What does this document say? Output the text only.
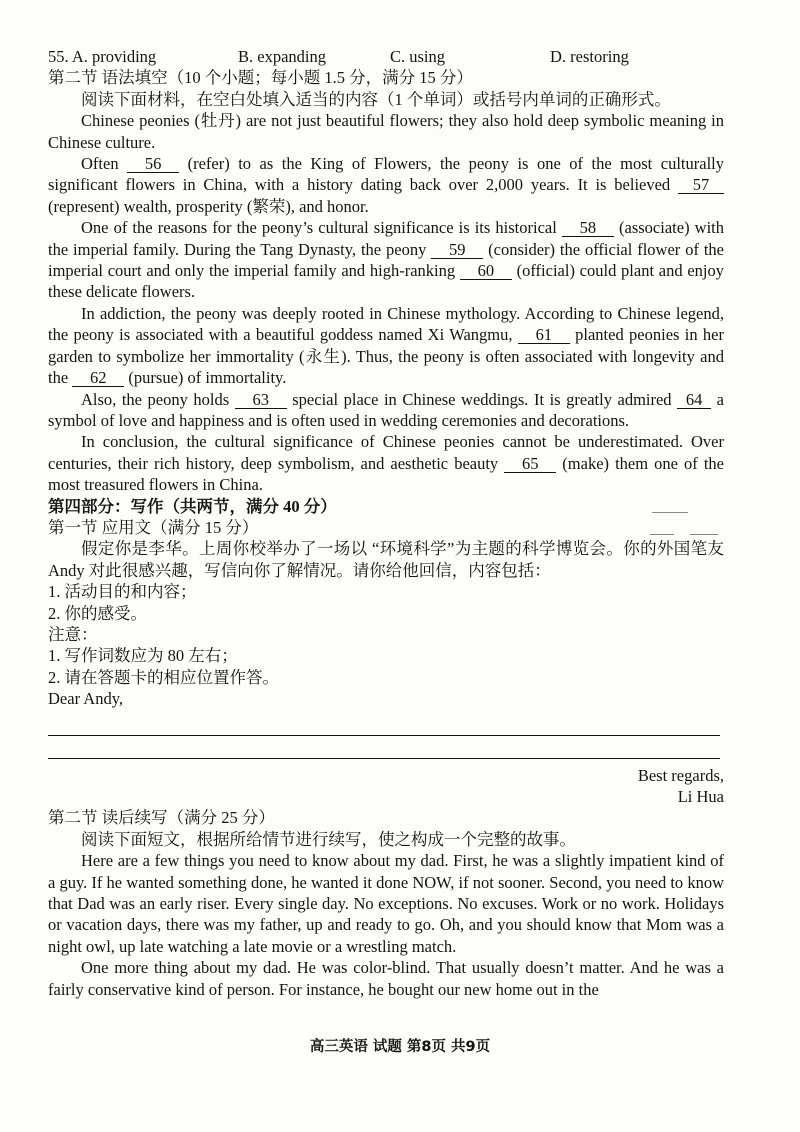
55. A. providing	B. expanding	C. using	D. restoring

第二节 语法填空（10 个小题；每小题 1.5 分，满分 15 分）

阅读下面材料，在空白处填入适当的内容（1 个单词）或括号内单词的正确形式。

Chinese peonies (牡丹) are not just beautiful flowers; they also hold deep symbolic meaning in Chinese culture.

Often 56 (refer) to as the King of Flowers, the peony is one of the most culturally significant flowers in China, with a history dating back over 2,000 years. It is believed 57 (represent) wealth, prosperity (繁荣), and honor.

One of the reasons for the peony’s cultural significance is its historical 58 (associate) with the imperial family. During the Tang Dynasty, the peony 59 (consider) the official flower of the imperial court and only the imperial family and high-ranking 60 (official) could plant and enjoy these delicate flowers.

In addiction, the peony was deeply rooted in Chinese mythology. According to Chinese legend, the peony is associated with a beautiful goddess named Xi Wangmu, 61 planted peonies in her garden to symbolize her immortality (永生). Thus, the peony is often associated with longevity and the 62 (pursue) of immortality.

Also, the peony holds 63 special place in Chinese weddings. It is greatly admired 64 a symbol of love and happiness and is often used in wedding ceremonies and decorations.

In conclusion, the cultural significance of Chinese peonies cannot be underestimated. Over centuries, their rich history, deep symbolism, and aesthetic beauty 65 (make) them one of the most treasured flowers in China.

第四部分：写作（共两节，满分 40 分）

第一节 应用文（满分 15 分）

假定你是李华。上周你校举办了一场以 “环境科学”为主题的科学博览会。你的外国笔友 Andy 对此很感兴趣，写信向你了解情况。请你给他回信，内容包括：

1. 活动目的和内容；

2. 你的感受。

注意：

1. 写作词数应为 80 左右；

2. 请在答题卡的相应位置作答。

Dear Andy,

Best regards,

Li Hua

第二节 读后续写（满分 25 分）

阅读下面短文，根据所给情节进行续写，使之构成一个完整的故事。

Here are a few things you need to know about my dad. First, he was a slightly impatient kind of a guy. If he wanted something done, he wanted it done NOW, if not sooner. Second, you need to know that Dad was an early riser. Every single day. No exceptions. No excuses. Work or no work. Holidays or vacation days, there was my father, up and ready to go. Oh, and you should know that Mom was a night owl, up late watching a late movie or a wrestling match.

One more thing about my dad. He was color-blind. That usually doesn’t matter. And he was a fairly conservative kind of person. For instance, he bought our new home out in the

高三英语 试题 第8页 共9页
